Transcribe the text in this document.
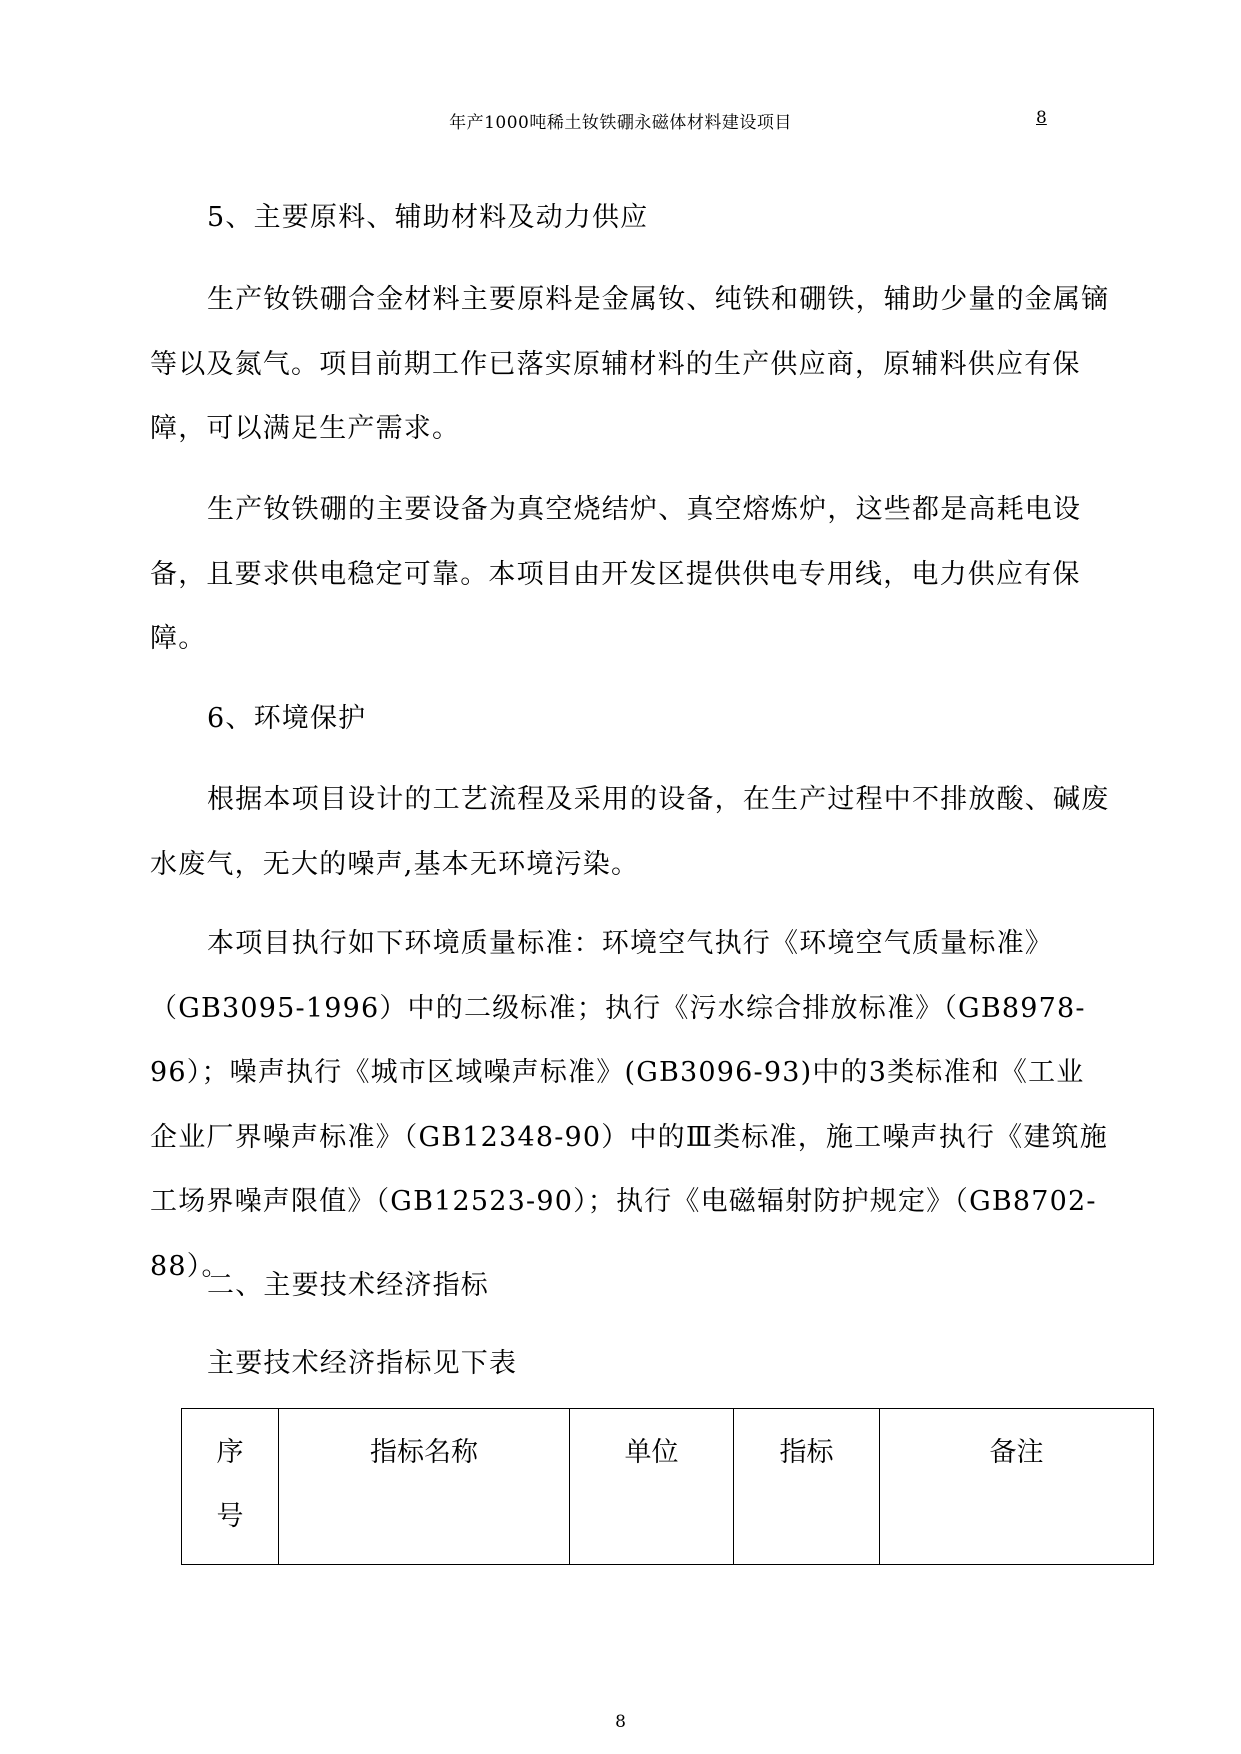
年产1000吨稀土钕铁硼永磁体材料建设项目	8

5、主要原料、辅助材料及动力供应

生产钕铁硼合金材料主要原料是金属钕、纯铁和硼铁，辅助少量的金属镝等以及氮气。项目前期工作已落实原辅材料的生产供应商，原辅料供应有保障，可以满足生产需求。

生产钕铁硼的主要设备为真空烧结炉、真空熔炼炉，这些都是高耗电设备，且要求供电稳定可靠。本项目由开发区提供供电专用线，电力供应有保障。

6、环境保护

根据本项目设计的工艺流程及采用的设备，在生产过程中不排放酸、碱废水废气，无大的噪声,基本无环境污染。

本项目执行如下环境质量标准：环境空气执行《环境空气质量标准》（GB3095-1996）中的二级标准；执行《污水综合排放标准》（GB8978-96）；噪声执行《城市区域噪声标准》(GB3096-93)中的3类标准和《工业企业厂界噪声标准》（GB12348-90）中的Ⅲ类标准，施工噪声执行《建筑施工场界噪声限值》（GB12523-90）；执行《电磁辐射防护规定》（GB8702-88）。

二、主要技术经济指标

主要技术经济指标见下表

序号	指标名称	单位	指标	备注
8
